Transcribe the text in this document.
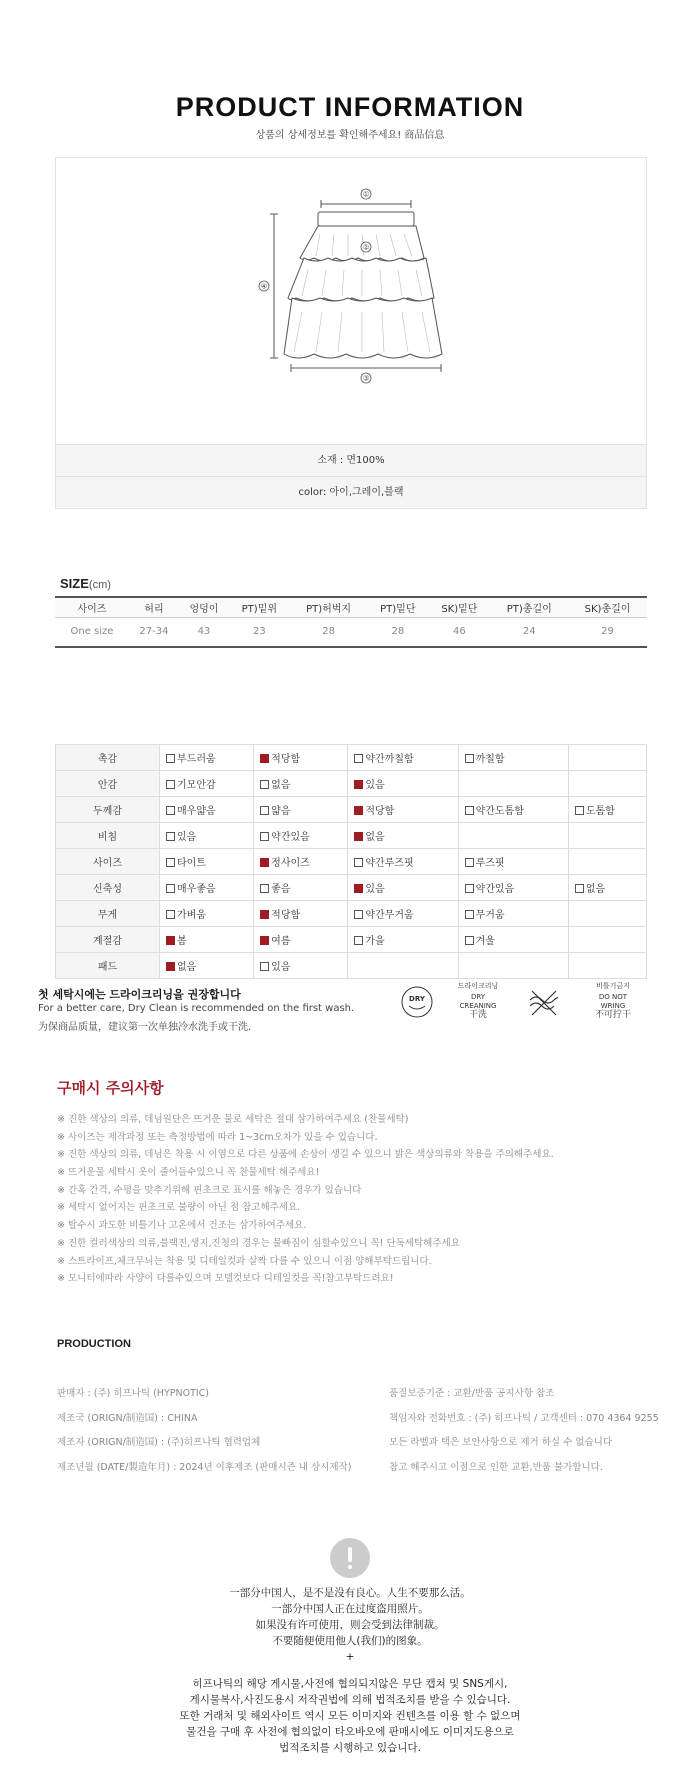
PRODUCT INFORMATION
상품의 상세정보를 확인해주세요! 商品信息
①
②
③
④
소재 : 면100%
color: 아이,그레이,블랙
SIZE(cm)
사이즈	허리	엉덩이	PT)밑위	PT)허벅지	PT)밑단	SK)밑단	PT)총길이	SK)총길이
One size	27-34	43	23	28	28	46	24	29
촉감	부드러움	적당함	약간까칠함	까칠함	
안감	기모안감	없음	있음		
두께감	매우얇음	얇음	적당함	약간도톰함	도톰함
비침	있음	약간있음	없음		
사이즈	타이트	정사이즈	약간루즈핏	루즈핏	
신축성	매우좋음	좋음	있음	약간있음	없음
무게	가벼움	적당함	약간무거움	무거움	
계절감	봄	여름	가을	겨울	
패드	없음	있음			
첫 세탁시에는 드라이크리닝을 권장합니다
For a better care, Dry Clean is recommended on the first wash.
为保商品质量，建议第一次单独冷水洗手或干洗.
DRY
드라이크리닝
DRY
CREANING
干洗
비틀기금지
DO NOT
WRING
不可拧干
구매시 주의사항
※ 진한 색상의 의류, 데님원단은 뜨거운 물로 세탁은 절대 삼가하여주세요 (찬물세탁)
※ 사이즈는 제작과정 또는 측정방법에 따라 1~3cm오차가 있을 수 있습니다.
※ 진한 색상의 의류, 데님은 착용 시 이염으로 다른 상품에 손상이 생길 수 있으니 밝은 색상의류와 착용을 주의해주세요.
※ 뜨거운물 세탁시 옷이 줄어들수있으니 꼭 찬물세탁 해주세요!
※ 간혹 간격, 수평을 맞추기위해 핀초크로 표시를 해놓은 경우가 있습니다
※ 세탁시 없어지는 핀초크로 불량이 아닌 점 참고해주세요.
※ 탈수시 과도한 비틀기나 고온에서 건조는 삼가하여주세요.
※ 진한 컬러색상의 의류,블랙진,생지,진청의 경우는 물빠짐이 심할수있으니 꼭! 단독세탁해주세요
※ 스트라이프,체크무늬는 착용 및 디테일컷과 살짝 다를 수 있으니 이점 양해부탁드립니다.
※ 모니터에따라 사양이 다를수있으며 모델컷보다 디테일컷을 꼭!참고부탁드려요!
PRODUCTION
판매자 : (주) 히프나틱 (HYPNOTIC)
제조국 (ORIGN/制造国) : CHINA
제조자 (ORIGN/制造国) : (주)히프나틱 협력업체
제조년월 (DATE/製造年月) : 2024년 이후제조 (판매시즌 내 상시제작)
품질보증기준 : 교환/반품 공지사항 참조
책임자와 전화번호 : (주) 히프나틱 / 고객센터 : 070 4364 9255
모든 라벨과 택은 보안사항으로 제거 하실 수 없습니다
참고 해주시고 이점으로 인한 교환,반품 불가합니다.
一部分中国人，是不是没有良心。人生不要那么活。
一部分中国人正在过度盗用照片。
如果没有许可使用，则会受到法律制裁。
不要随便使用他人(我们)的图象。
+
히프나틱의 해당 게시물,사전에 협의되지않은 무단 캡쳐 및 SNS게시,
게시물복사,사진도용시 저작권법에 의해 법적조치를 받을 수 있습니다.
또한 거래처 및 해외사이트 역시 모든 이미지와 컨텐츠를 이용 할 수 없으며
물건을 구매 후 사전에 협의없이 타오바오에 판매시에도 이미지도용으로
법적조치를 시행하고 있습니다.
